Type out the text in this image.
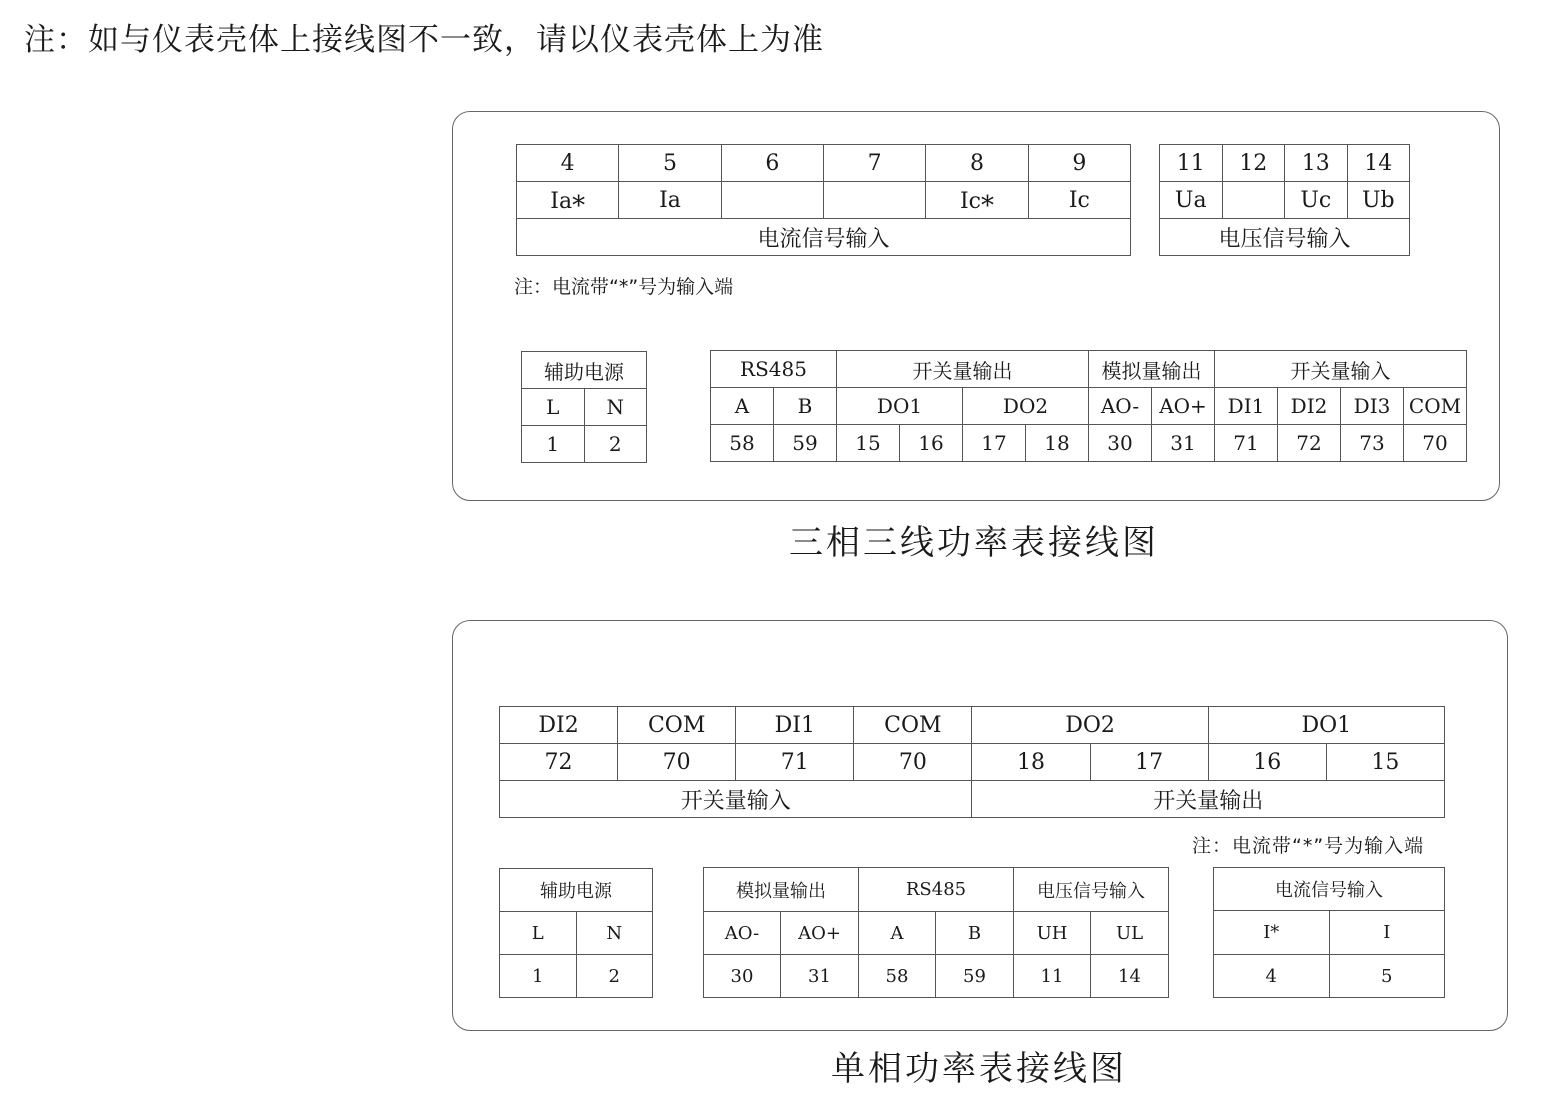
注：如与仪表壳体上接线图不一致，请以仪表壳体上为准
4	5	6	7	8	9
Ia*	Ia			Ic*	Ic
电流信号输入					
11	12	13	14
Ua		Uc	Ub
电压信号输入			
注：电流带“*”号为输入端
辅助电源	
L	N
1	2
RS485		开关量输出				模拟量输出		开关量输入			
A	B	DO1		DO2		AO-	AO+	DI1	DI2	DI3	COM
58	59	15	16	17	18	30	31	71	72	73	70
三相三线功率表接线图
DI2	COM	DI1	COM	DO2		DO1	
72	70	71	70	18	17	16	15
开关量输入				开关量输出			
注：电流带“*”号为输入端
辅助电源	
L	N
1	2
模拟量输出		RS485		电压信号输入	
AO-	AO+	A	B	UH	UL
30	31	58	59	11	14
电流信号输入	
I*	I
4	5
单相功率表接线图
